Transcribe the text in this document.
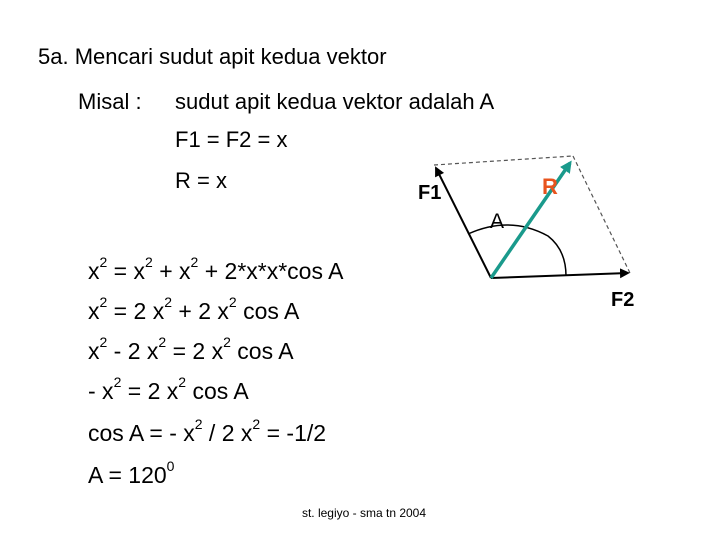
5a. Mencari sudut apit kedua vektor
Misal : sudut apit kedua vektor adalah A
F1 = F2 = x
R = x
$x^2 = x^2 + x^2 + 2*x*x*\cos$ A
$x^2 = 2$ $x^2 + 2$ $x^2$ cos A
$x^2 - 2$ $x^2 = 2$ $x^2$ cos A
- $x^2 = 2$ $x^2$ cos A
cos A = - $x^2 / 2$ $x^2 = -1/2$
$A = 120^0$
F1	R
A
F2
st. legiyo - sma tn 2004
